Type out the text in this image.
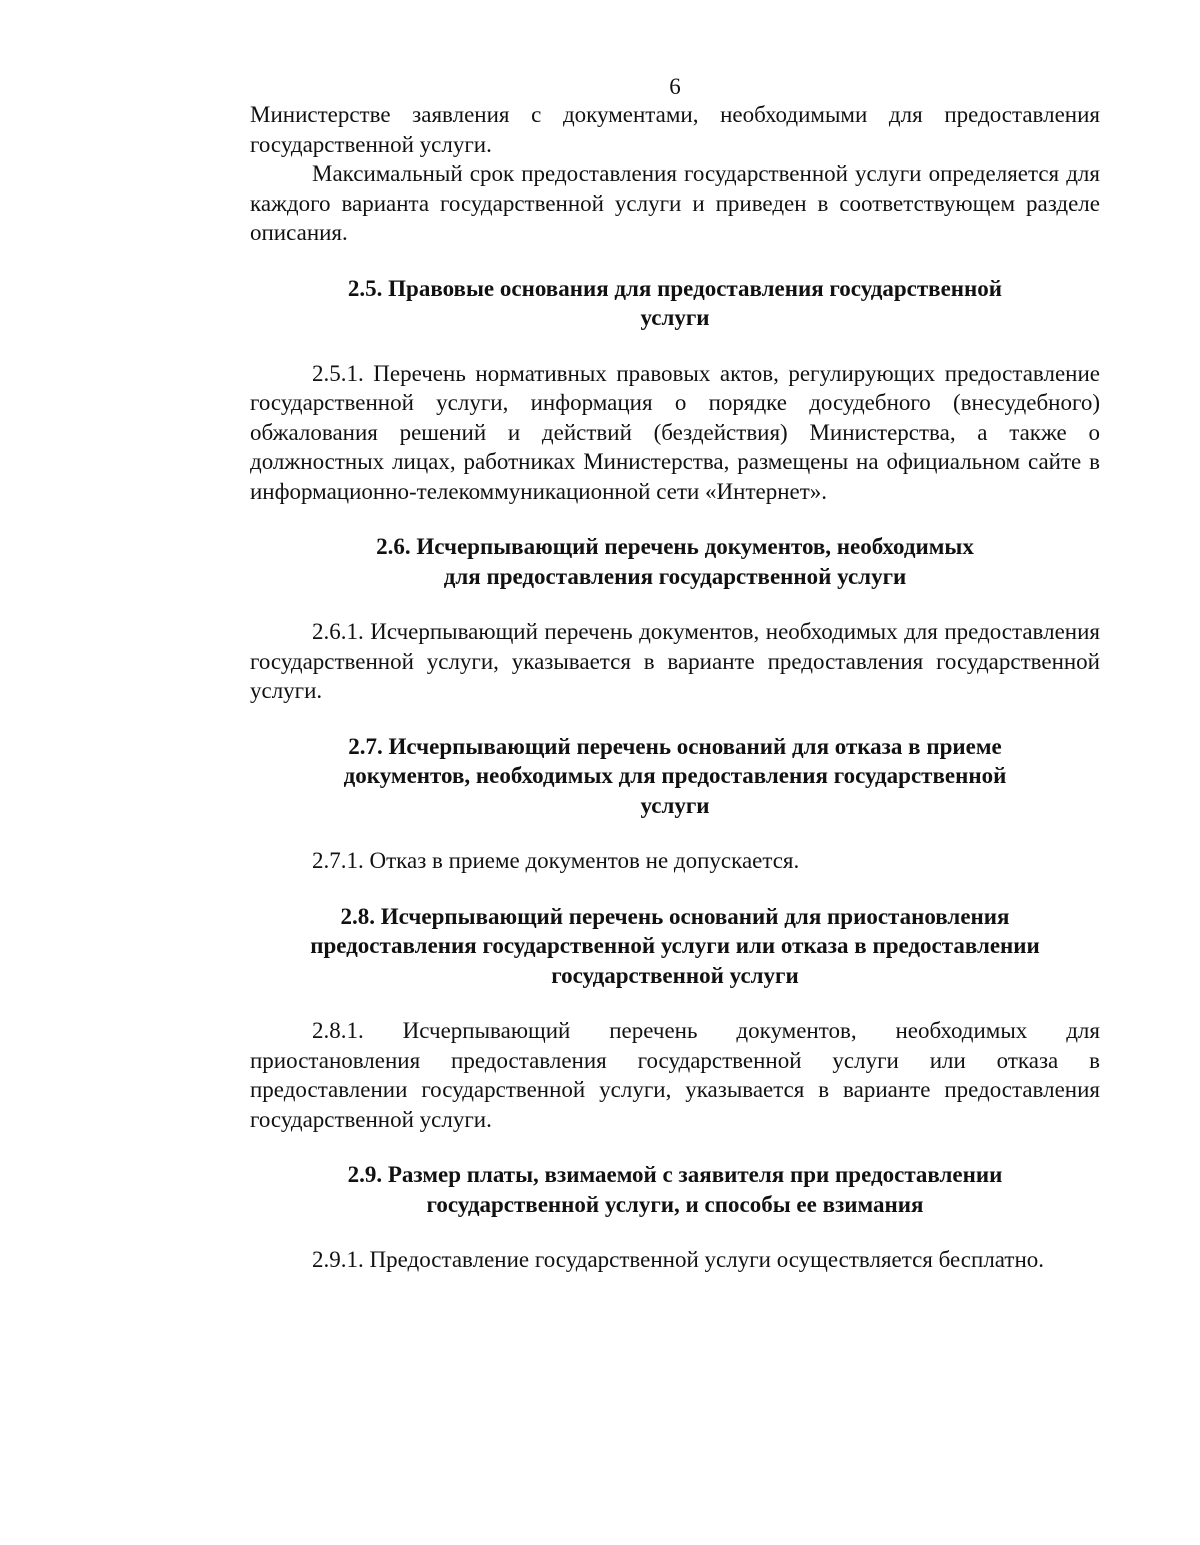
6

Министерстве заявления с документами, необходимыми для предоставления государственной услуги.

Максимальный срок предоставления государственной услуги определяется для каждого варианта государственной услуги и приведен в соответствующем разделе описания.

2.5. Правовые основания для предоставления государственной
услуги

2.5.1. Перечень нормативных правовых актов, регулирующих предоставление государственной услуги, информация о порядке досудебного (внесудебного) обжалования решений и действий (бездействия) Министерства, а также о должностных лицах, работниках Министерства, размещены на официальном сайте в информационно-телекоммуникационной сети «Интернет».

2.6. Исчерпывающий перечень документов, необходимых
для предоставления государственной услуги

2.6.1. Исчерпывающий перечень документов, необходимых для предоставления государственной услуги, указывается в варианте предоставления государственной услуги.

2.7. Исчерпывающий перечень оснований для отказа в приеме
документов, необходимых для предоставления государственной
услуги

2.7.1. Отказ в приеме документов не допускается.

2.8. Исчерпывающий перечень оснований для приостановления
предоставления государственной услуги или отказа в предоставлении
государственной услуги

2.8.1. Исчерпывающий перечень документов, необходимых для приостановления предоставления государственной услуги или отказа в предоставлении государственной услуги, указывается в варианте предоставления государственной услуги.

2.9. Размер платы, взимаемой с заявителя при предоставлении
государственной услуги, и способы ее взимания

2.9.1. Предоставление государственной услуги осуществляется бесплатно.
